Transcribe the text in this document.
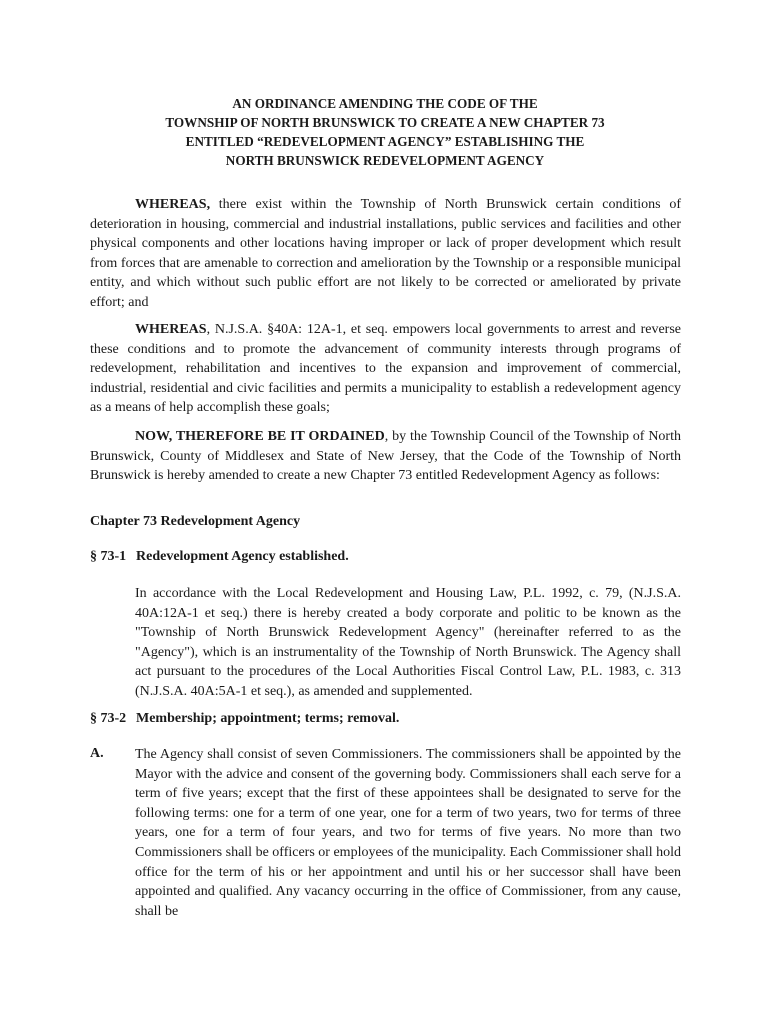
AN ORDINANCE AMENDING THE CODE OF THE
TOWNSHIP OF NORTH BRUNSWICK TO CREATE A NEW CHAPTER 73
ENTITLED “REDEVELOPMENT AGENCY” ESTABLISHING THE
NORTH BRUNSWICK REDEVELOPMENT AGENCY

WHEREAS, there exist within the Township of North Brunswick certain conditions of deterioration in housing, commercial and industrial installations, public services and facilities and other physical components and other locations having improper or lack of proper development which result from forces that are amenable to correction and amelioration by the Township or a responsible municipal entity, and which without such public effort are not likely to be corrected or ameliorated by private effort; and

WHEREAS, N.J.S.A. §40A: 12A-1, et seq. empowers local governments to arrest and reverse these conditions and to promote the advancement of community interests through programs of redevelopment, rehabilitation and incentives to the expansion and improvement of commercial, industrial, residential and civic facilities and permits a municipality to establish a redevelopment agency as a means of help accomplish these goals;

NOW, THEREFORE BE IT ORDAINED, by the Township Council of the Township of North Brunswick, County of Middlesex and State of New Jersey, that the Code of the Township of North Brunswick is hereby amended to create a new Chapter 73 entitled Redevelopment Agency as follows:

Chapter 73 Redevelopment Agency

§ 73-1 Redevelopment Agency established.

In accordance with the Local Redevelopment and Housing Law, P.L. 1992, c. 79, (N.J.S.A. 40A:12A-1 et seq.) there is hereby created a body corporate and politic to be known as the "Township of North Brunswick Redevelopment Agency" (hereinafter referred to as the "Agency"), which is an instrumentality of the Township of North Brunswick. The Agency shall act pursuant to the procedures of the Local Authorities Fiscal Control Law, P.L. 1983, c. 313 (N.J.S.A. 40A:5A-1 et seq.), as amended and supplemented.

§ 73-2 Membership; appointment; terms; removal.

A. The Agency shall consist of seven Commissioners. The commissioners shall be appointed by the Mayor with the advice and consent of the governing body. Commissioners shall each serve for a term of five years; except that the first of these appointees shall be designated to serve for the following terms: one for a term of one year, one for a term of two years, two for terms of three years, one for a term of four years, and two for terms of five years. No more than two Commissioners shall be officers or employees of the municipality. Each Commissioner shall hold office for the term of his or her appointment and until his or her successor shall have been appointed and qualified. Any vacancy occurring in the office of Commissioner, from any cause, shall be
